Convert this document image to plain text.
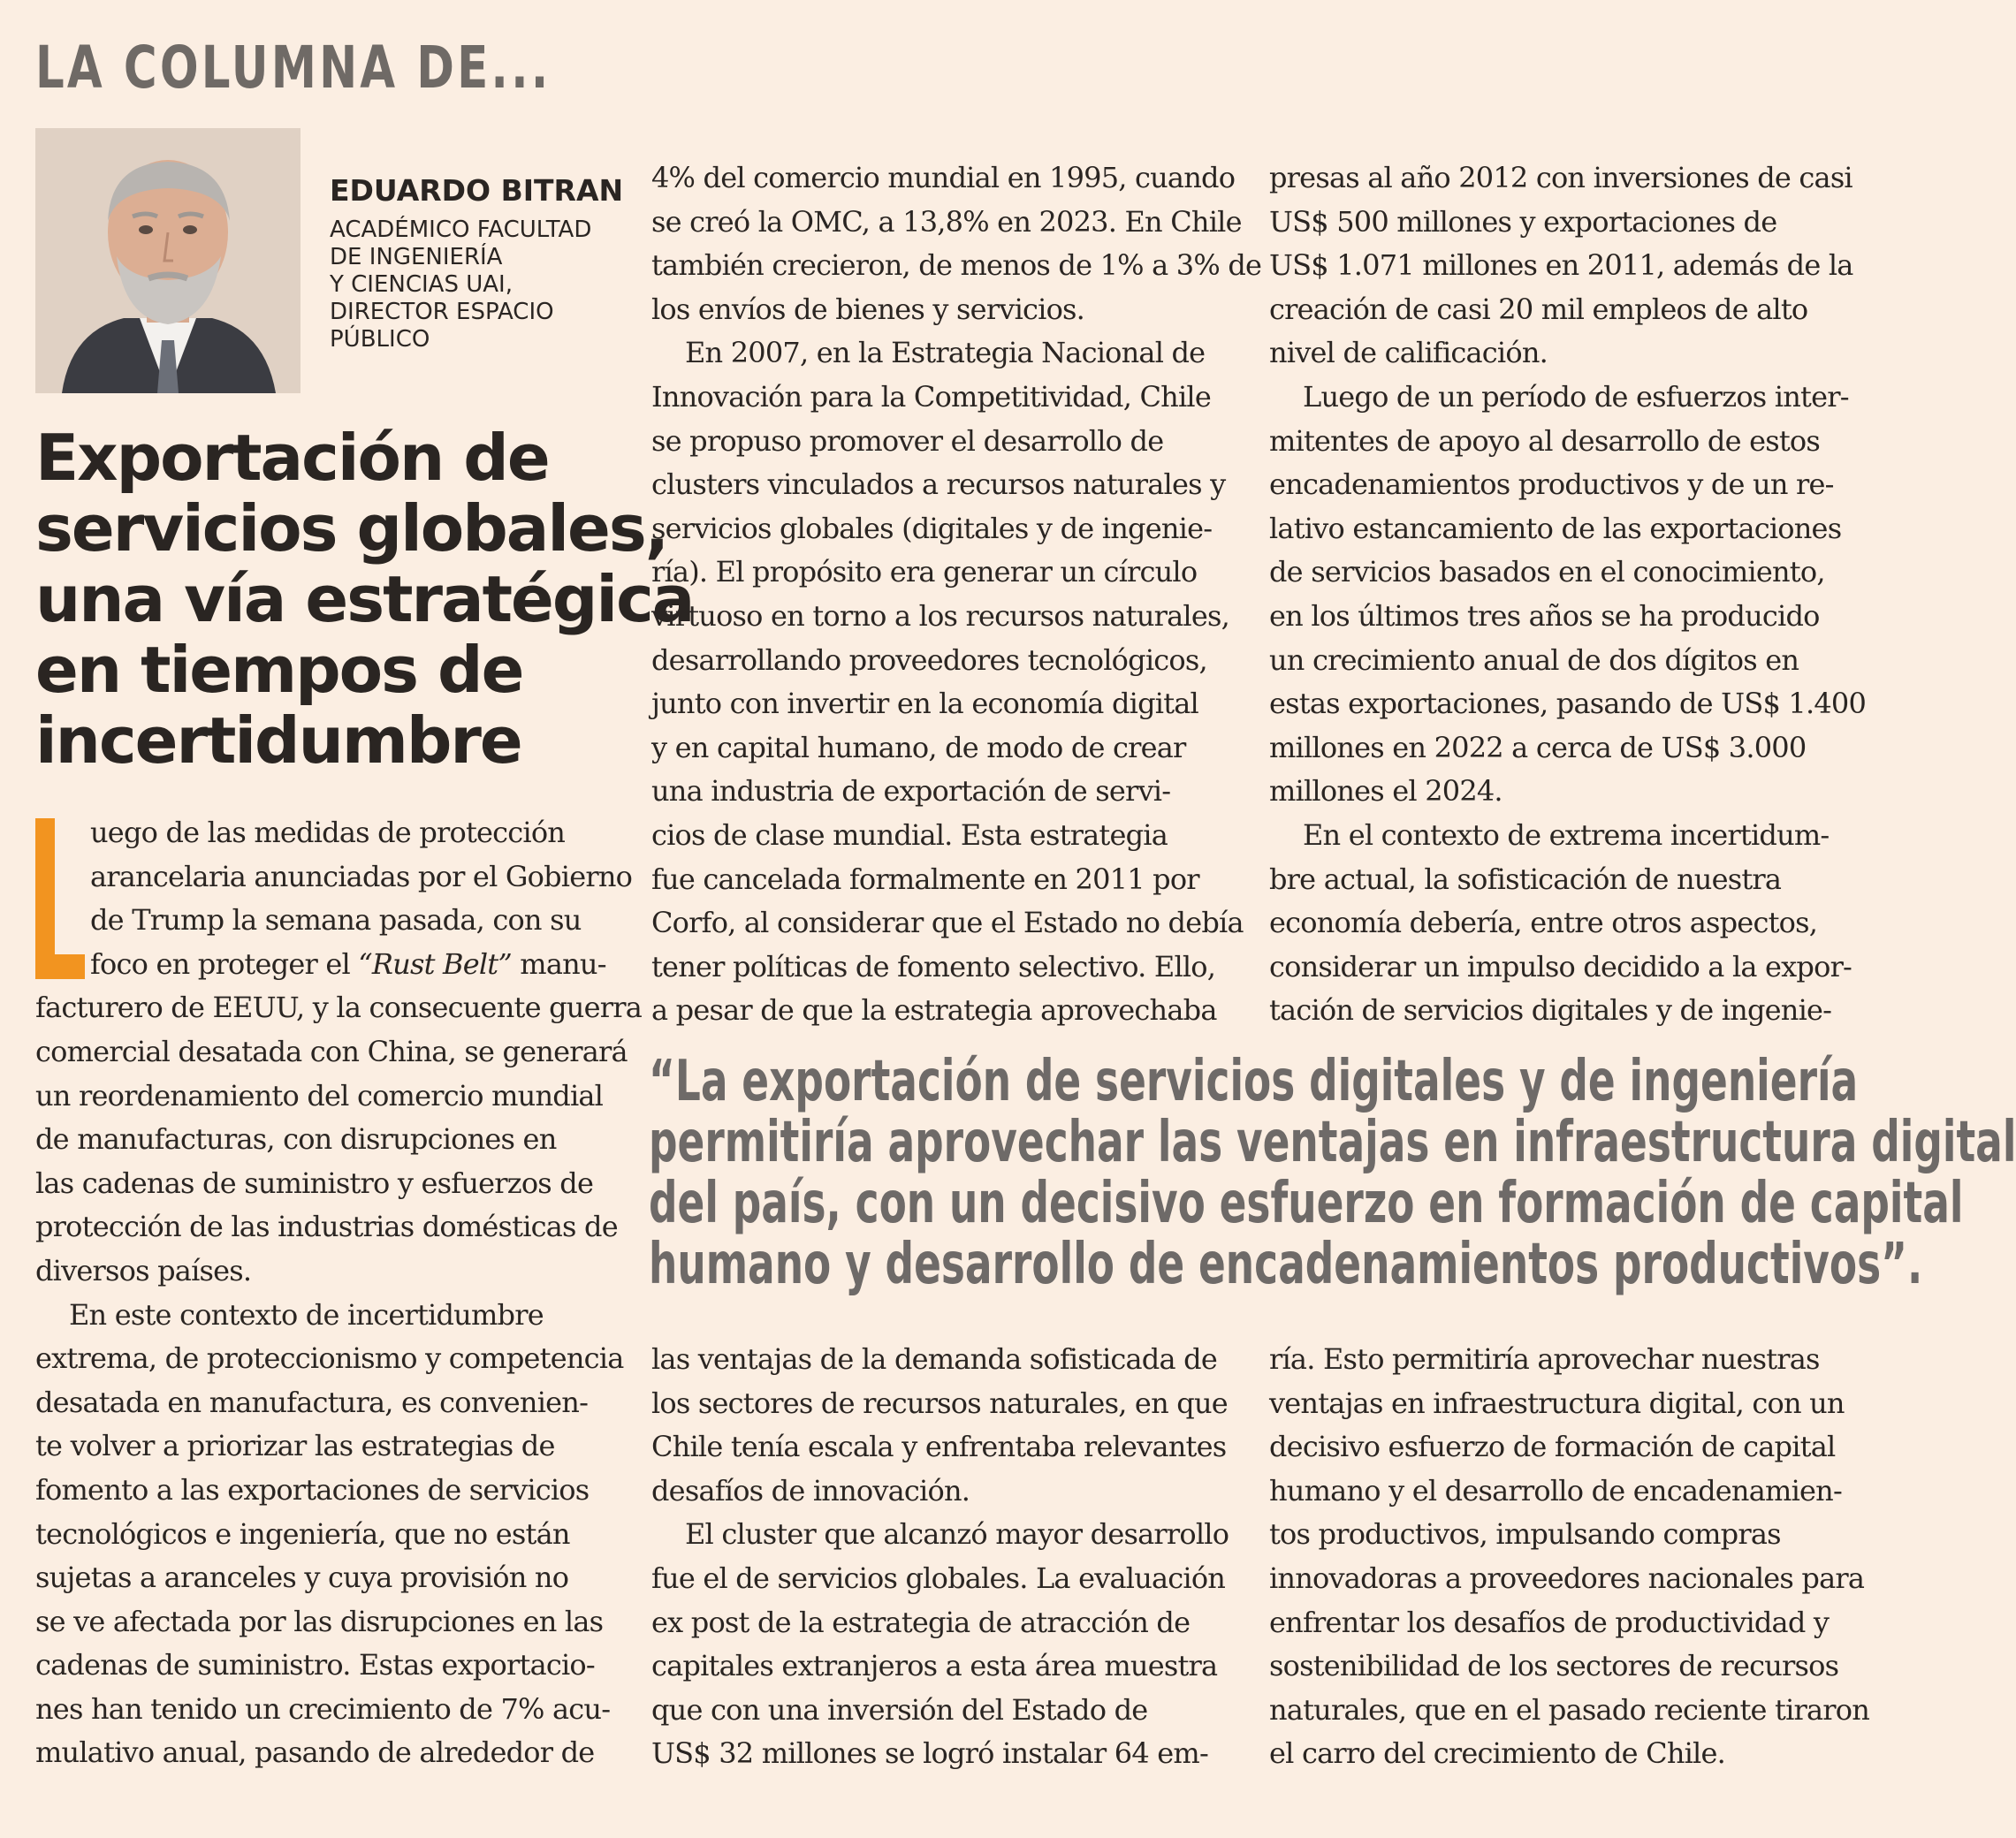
LA COLUMNA DE...
EDUARDO BITRAN
ACADÉMICO FACULTAD
DE INGENIERÍA
Y CIENCIAS UAI,
DIRECTOR ESPACIO
PÚBLICO
Exportación de
servicios globales,
una vía estratégica
en tiempos de
incertidumbre
uego de las medidas de protección
arancelaria anunciadas por el Gobierno
de Trump la semana pasada, con su
foco en proteger el “Rust Belt” manu-
facturero de EEUU, y la consecuente guerra
comercial desatada con China, se generará
un reordenamiento del comercio mundial
de manufacturas, con disrupciones en
las cadenas de suministro y esfuerzos de
protección de las industrias domésticas de
diversos países.
En este contexto de incertidumbre
extrema, de proteccionismo y competencia
desatada en manufactura, es convenien-
te volver a priorizar las estrategias de
fomento a las exportaciones de servicios
tecnológicos e ingeniería, que no están
sujetas a aranceles y cuya provisión no
se ve afectada por las disrupciones en las
cadenas de suministro. Estas exportacio-
nes han tenido un crecimiento de 7% acu-
mulativo anual, pasando de alrededor de
4% del comercio mundial en 1995, cuando
se creó la OMC, a 13,8% en 2023. En Chile
también crecieron, de menos de 1% a 3% de
los envíos de bienes y servicios.
En 2007, en la Estrategia Nacional de
Innovación para la Competitividad, Chile
se propuso promover el desarrollo de
clusters vinculados a recursos naturales y
servicios globales (digitales y de ingenie-
ría). El propósito era generar un círculo
virtuoso en torno a los recursos naturales,
desarrollando proveedores tecnológicos,
junto con invertir en la economía digital
y en capital humano, de modo de crear
una industria de exportación de servi-
cios de clase mundial. Esta estrategia
fue cancelada formalmente en 2011 por
Corfo, al considerar que el Estado no debía
tener políticas de fomento selectivo. Ello,
a pesar de que la estrategia aprovechaba
presas al año 2012 con inversiones de casi
US$ 500 millones y exportaciones de
US$ 1.071 millones en 2011, además de la
creación de casi 20 mil empleos de alto
nivel de calificación.
Luego de un período de esfuerzos inter-
mitentes de apoyo al desarrollo de estos
encadenamientos productivos y de un re-
lativo estancamiento de las exportaciones
de servicios basados en el conocimiento,
en los últimos tres años se ha producido
un crecimiento anual de dos dígitos en
estas exportaciones, pasando de US$ 1.400
millones en 2022 a cerca de US$ 3.000
millones el 2024.
En el contexto de extrema incertidum-
bre actual, la sofisticación de nuestra
economía debería, entre otros aspectos,
considerar un impulso decidido a la expor-
tación de servicios digitales y de ingenie-
“La exportación de servicios digitales y de ingeniería
permitiría aprovechar las ventajas en infraestructura digital
del país, con un decisivo esfuerzo en formación de capital
humano y desarrollo de encadenamientos productivos”.
las ventajas de la demanda sofisticada de
los sectores de recursos naturales, en que
Chile tenía escala y enfrentaba relevantes
desafíos de innovación.
El cluster que alcanzó mayor desarrollo
fue el de servicios globales. La evaluación
ex post de la estrategia de atracción de
capitales extranjeros a esta área muestra
que con una inversión del Estado de
US$ 32 millones se logró instalar 64 em-
ría. Esto permitiría aprovechar nuestras
ventajas en infraestructura digital, con un
decisivo esfuerzo de formación de capital
humano y el desarrollo de encadenamien-
tos productivos, impulsando compras
innovadoras a proveedores nacionales para
enfrentar los desafíos de productividad y
sostenibilidad de los sectores de recursos
naturales, que en el pasado reciente tiraron
el carro del crecimiento de Chile.
